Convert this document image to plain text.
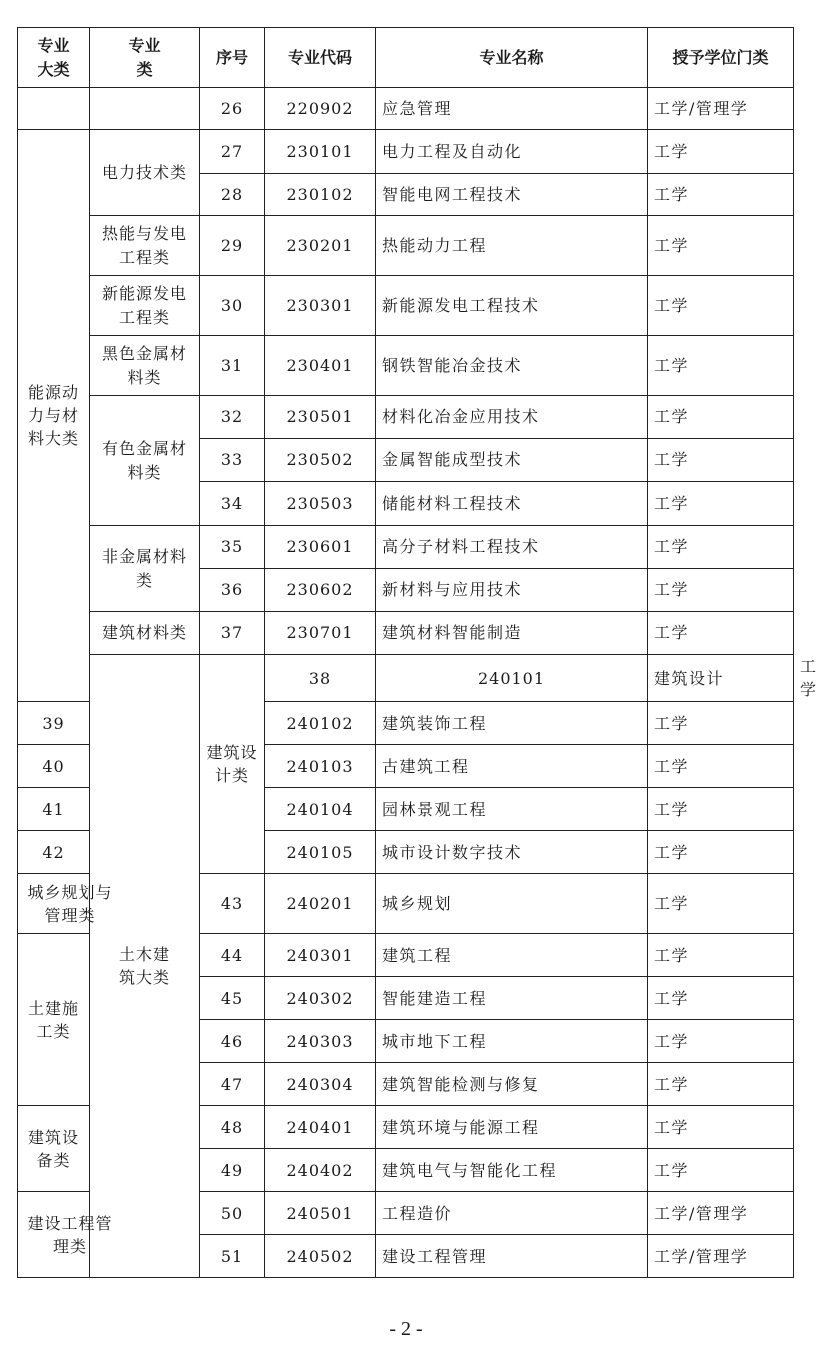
专业大类	专业类	序号	专业代码	专业名称	授予学位门类	
		26	220902	应急管理	工学/管理学	

能源动力与材料大类	电力技术类	27	230101	电力工程及自动化	工学	
		28	230102	智能电网工程技术	工学	

	热能与发电工程类	29	230201	热能动力工程	工学	

	新能源发电工程类	30	230301	新能源发电工程技术	工学	

	黑色金属材料类	31	230401	钢铁智能冶金技术	工学	

	有色金属材料类	32	230501	材料化冶金应用技术	工学	
		33	230502	金属智能成型技术	工学	
		34	230503	储能材料工程技术	工学	

	非金属材料类	35	230601	高分子材料工程技术	工学	
		36	230602	新材料与应用技术	工学	
	建筑材料类	37	230701	建筑材料智能制造	工学	

	土木建筑大类	建筑设计类	38	240101	建筑设计	工学
39			240102	建筑装饰工程	工学	
40			240103	古建筑工程	工学	
41			240104	园林景观工程	工学	
42			240105	城市设计数字技术	工学	

城乡规划与管理类		43	240201	城乡规划	工学	
土建施工类		44	240301	建筑工程	工学	
		45	240302	智能建造工程	工学	
		46	240303	城市地下工程	工学	
		47	240304	建筑智能检测与修复	工学	
建筑设备类		48	240401	建筑环境与能源工程	工学	
		49	240402	建筑电气与智能化工程	工学	

建设工程管理类		50	240501	工程造价	工学/管理学	
		51	240502	建设工程管理	工学/管理学	
- 2 -
